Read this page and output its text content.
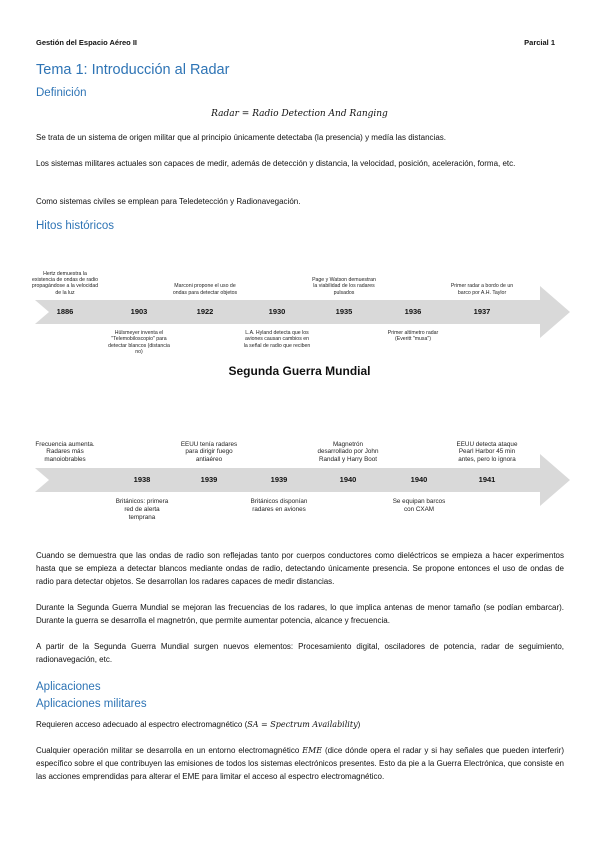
Gestión del Espacio Aéreo II	Parcial 1
Tema 1: Introducción al Radar
Definición
Radar = Radio Detection And Ranging

Se trata de un sistema de origen militar que al principio únicamente detectaba (la presencia) y medía las distancias.

Los sistemas militares actuales son capaces de medir, además de detección y distancia, la velocidad, posición, aceleración, forma, etc.

Como sistemas civiles se emplean para Teledetección y Radionavegación.

Hitos históricos
1886	1903	1922	1930	1935	1936	1937
Hertz demuestra la existencia de ondas de radio propagándose a la velocidad de la luz
Marconi propone el uso de ondas para detectar objetos
Page y Watson demuestran la viabilidad de los radares pulsados
Primer radar a bordo de un barco por A.H. Taylor
Hülsmeyer inventa el "Telemobiloscopio" para detectar blancos (distancia no)
L.A. Hyland detecta que los aviones causan cambios en la señal de radio que reciben
Primer altímetro radar (Everitt "musa")
Segunda Guerra Mundial
1938	1939	1939	1940	1940	1941
Frecuencia aumenta. Radares más manoiobrables
EEUU tenía radares para dirigir fuego antiaéreo
Magnetrón desarrollado por John Randall y Harry Boot
EEUU detecta ataque Pearl Harbor 45 min antes, pero lo ignora
Británicos: primera red de alerta temprana
Británicos disponían radares en aviones
Se equipan barcos con CXAM

Cuando se demuestra que las ondas de radio son reflejadas tanto por cuerpos conductores como dieléctricos se empieza a hacer experimentos hasta que se empieza a detectar blancos mediante ondas de radio, detectando únicamente presencia. Se propone entonces el uso de ondas de radio para detectar objetos. Se desarrollan los radares capaces de medir distancias.

Durante la Segunda Guerra Mundial se mejoran las frecuencias de los radares, lo que implica antenas de menor tamaño (se podían embarcar). Durante la guerra se desarrolla el magnetrón, que permite aumentar potencia, alcance y frecuencia.

A partir de la Segunda Guerra Mundial surgen nuevos elementos: Procesamiento digital, osciladores de potencia, radar de seguimiento, radionavegación, etc.

Aplicaciones
Aplicaciones militares

Requieren acceso adecuado al espectro electromagnético (SA = Spectrum Availability)

Cualquier operación militar se desarrolla en un entorno electromagnético EME (dice dónde opera el radar y si hay señales que pueden interferir) específico sobre el que contribuyen las emisiones de todos los sistemas electrónicos presentes. Esto da pie a la Guerra Electrónica, que consiste en las acciones emprendidas para alterar el EME para limitar el acceso al espectro electromagnético.
